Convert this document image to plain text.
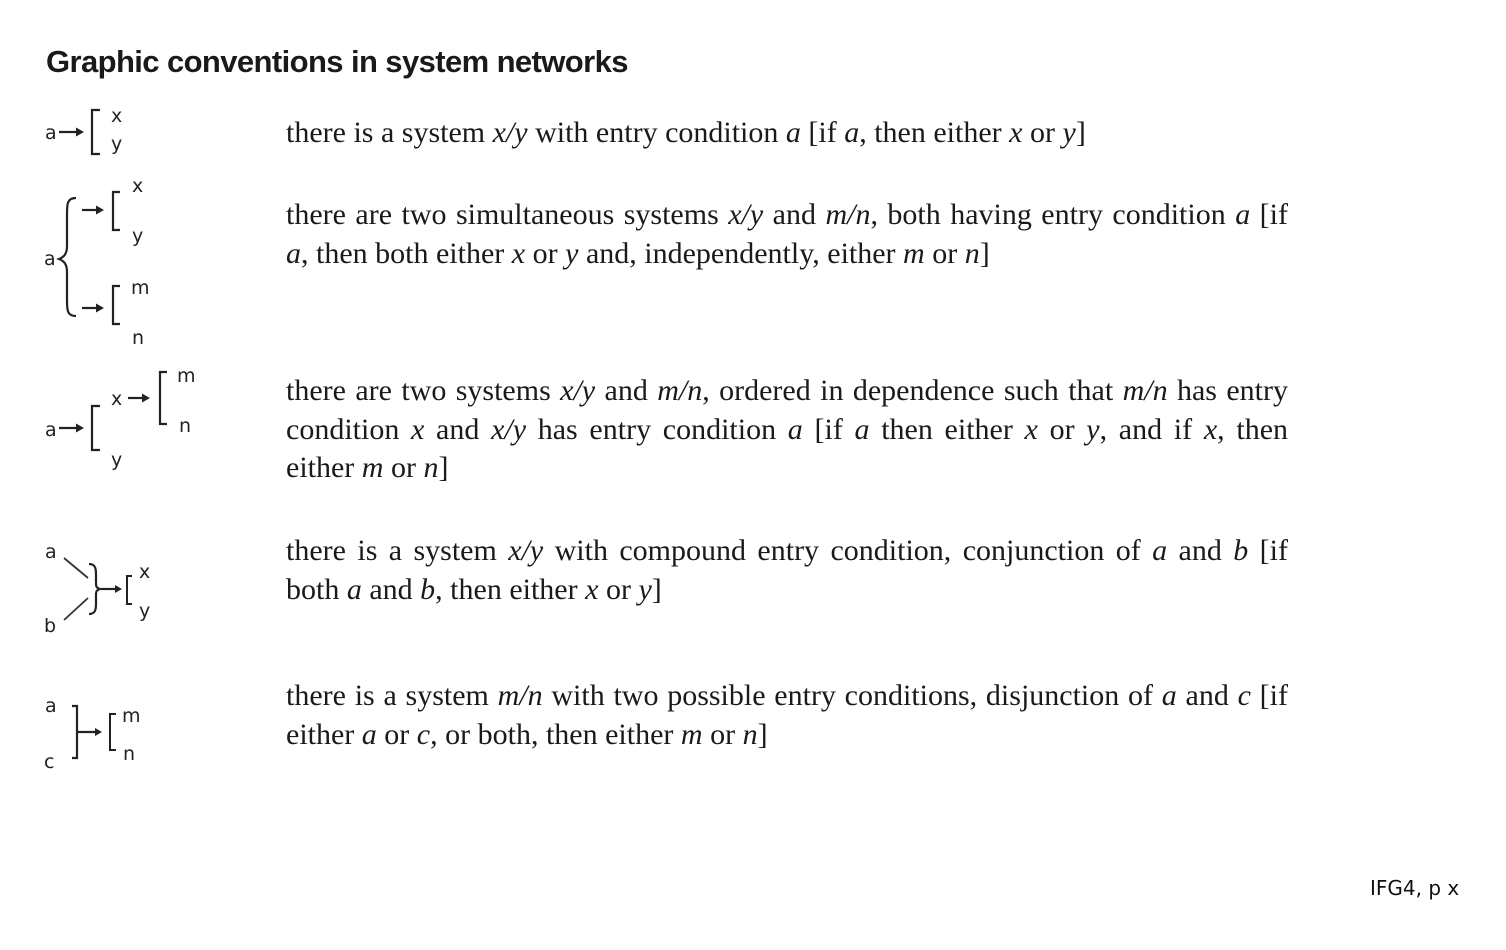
Graphic conventions in system networks
a
x
y	there is a system x/y with entry condition a [if a, then either x or y]
a
x
y
m
n
there are two simultaneous systems x/y and m/n, both having entry condition a [if a, then both either x or y and, independently, either m or n]
a
x
y
m
n
there are two systems x/y and m/n, ordered in dependence such that m/n has entry condition x and x/y has entry condition a [if a then either x or y, and if x, then either m or n]
a
b
x
y
there is a system x/y with compound entry condition, conjunction of a and b [if both a and b, then either x or y]
a
c
m
n
there is a system m/n with two possible entry conditions, disjunction of a and c [if either a or c, or both, then either m or n]
IFG4, p x
